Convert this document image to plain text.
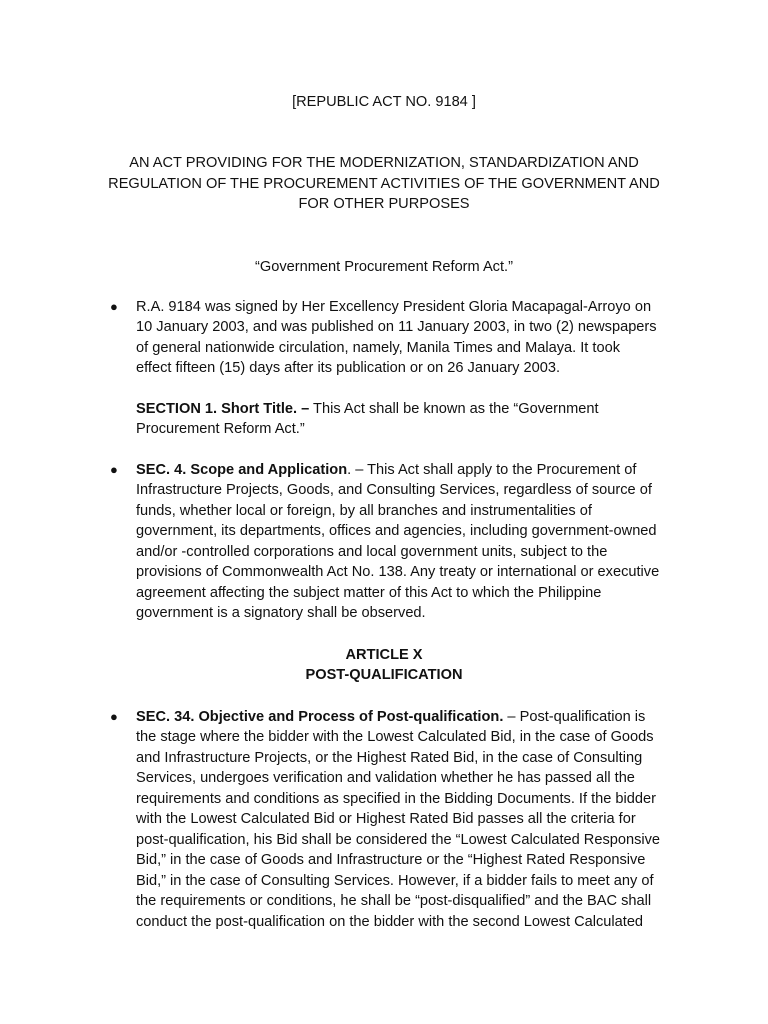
[REPUBLIC ACT NO. 9184 ]
AN ACT PROVIDING FOR THE MODERNIZATION, STANDARDIZATION AND
REGULATION OF THE PROCUREMENT ACTIVITIES OF THE GOVERNMENT AND
FOR OTHER PURPOSES
“Government Procurement Reform Act.”
● R.A. 9184 was signed by Her Excellency President Gloria Macapagal-Arroyo on
10 January 2003, and was published on 11 January 2003, in two (2) newspapers
of general nationwide circulation, namely, Manila Times and Malaya. It took
effect fifteen (15) days after its publication or on 26 January 2003.
SECTION 1. Short Title. – This Act shall be known as the “Government
Procurement Reform Act.”
● SEC. 4. Scope and Application. – This Act shall apply to the Procurement of
Infrastructure Projects, Goods, and Consulting Services, regardless of source of
funds, whether local or foreign, by all branches and instrumentalities of
government, its departments, offices and agencies, including government-owned
and/or -controlled corporations and local government units, subject to the
provisions of Commonwealth Act No. 138. Any treaty or international or executive
agreement affecting the subject matter of this Act to which the Philippine
government is a signatory shall be observed.
ARTICLE X
POST-QUALIFICATION
● SEC. 34. Objective and Process of Post-qualification. – Post-qualification is
the stage where the bidder with the Lowest Calculated Bid, in the case of Goods
and Infrastructure Projects, or the Highest Rated Bid, in the case of Consulting
Services, undergoes verification and validation whether he has passed all the
requirements and conditions as specified in the Bidding Documents. If the bidder
with the Lowest Calculated Bid or Highest Rated Bid passes all the criteria for
post-qualification, his Bid shall be considered the “Lowest Calculated Responsive
Bid,” in the case of Goods and Infrastructure or the “Highest Rated Responsive
Bid,” in the case of Consulting Services. However, if a bidder fails to meet any of
the requirements or conditions, he shall be “post-disqualified” and the BAC shall
conduct the post-qualification on the bidder with the second Lowest Calculated
